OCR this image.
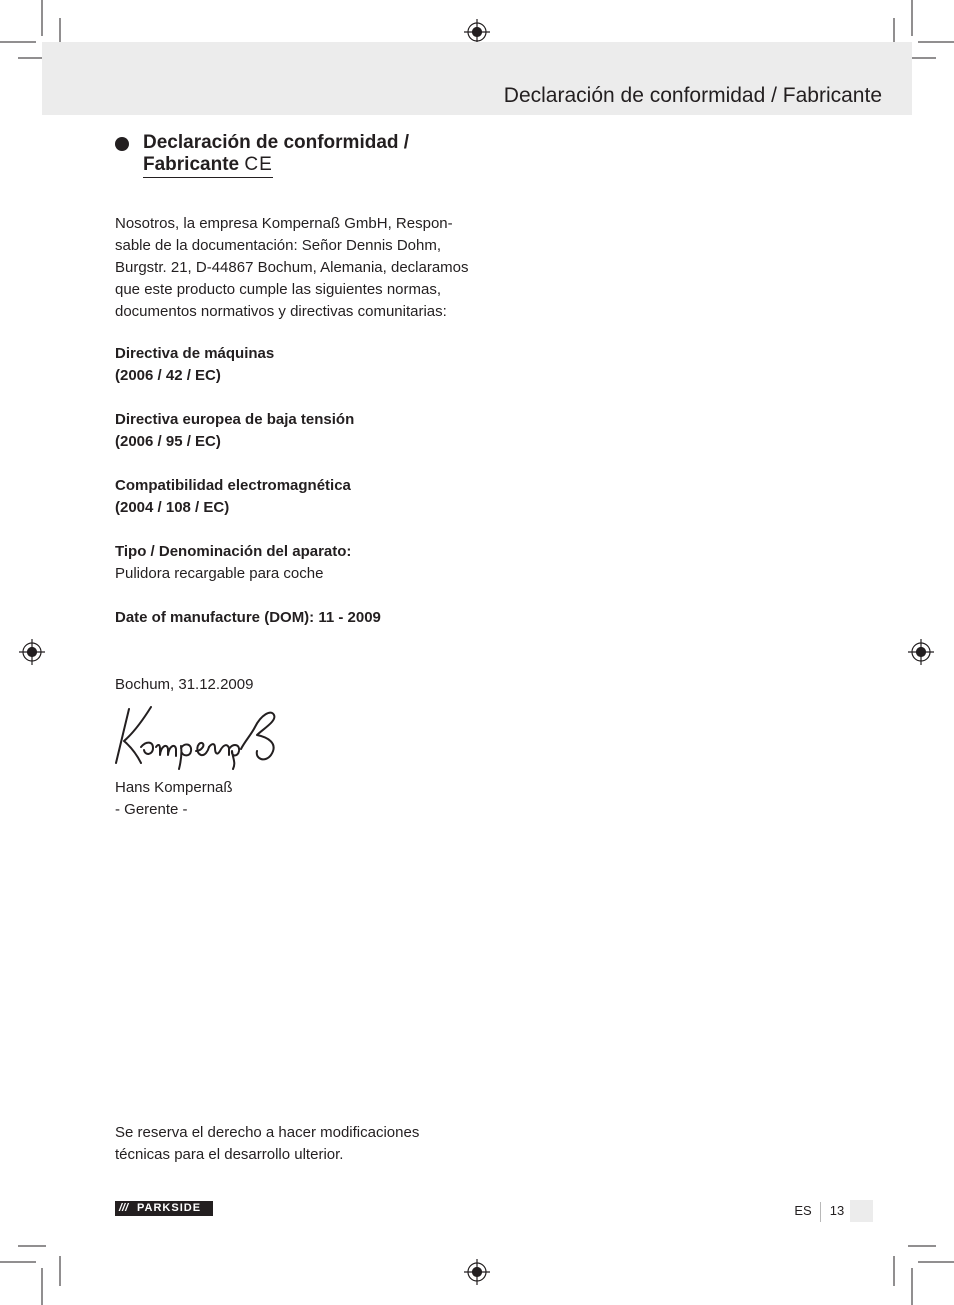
Declaración de conformidad / Fabricante
Declaración de conformidad /
Fabricante CE

Nosotros, la empresa Kompernaß GmbH, Respon-
sable de la documentación: Señor Dennis Dohm,
Burgstr. 21, D-44867 Bochum, Alemania, declaramos
que este producto cumple las siguientes normas,
documentos normativos y directivas comunitarias:

Directiva de máquinas
(2006 / 42 / EC)
Directiva europea de baja tensión
(2006 / 95 / EC)
Compatibilidad electromagnética
(2004 / 108 / EC)
Tipo / Denominación del aparato:
Pulidora recargable para coche
Date of manufacture (DOM): 11 - 2009
Bochum, 31.12.2009
Hans Kompernaß
- Gerente -

Se reserva el derecho a hacer modificaciones
técnicas para el desarrollo ulterior.

/// PARKSIDE	ES 13
